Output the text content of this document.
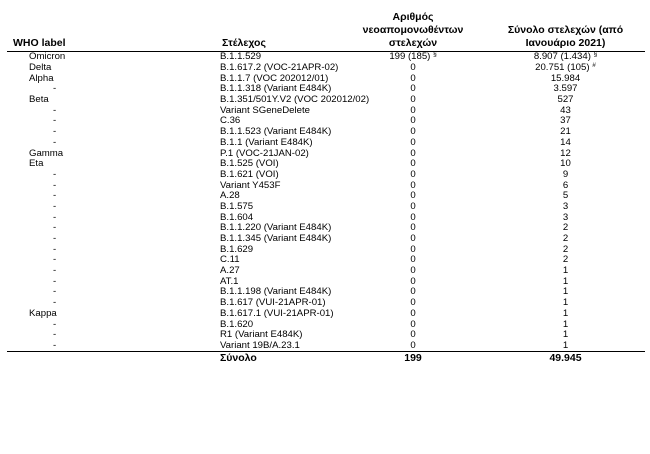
WHO label	Στέλεχος	Αριθμός νεοαπομονωθέντων στελεχών	Σύνολο στελεχών (από Ιανουάριο 2021)
Omicron	B.1.1.529	199 (185) §	8.907 (1.434) §
Delta	B.1.617.2 (VOC-21APR-02)	0	20.751 (105) #
Alpha	B.1.1.7 (VOC 202012/01)	0	15.984
-	B.1.1.318 (Variant E484K)	0	3.597
Beta	B.1.351/501Y.V2 (VOC 202012/02)	0	527
-	Variant SGeneDelete	0	43
-	C.36	0	37
-	B.1.1.523 (Variant E484K)	0	21
-	B.1.1 (Variant E484K)	0	14
Gamma	P.1 (VOC-21JAN-02)	0	12
Eta	B.1.525 (VOI)	0	10
-	B.1.621 (VOI)	0	9
-	Variant Y453F	0	6
-	A.28	0	5
-	B.1.575	0	3
-	B.1.604	0	3
-	B.1.1.220 (Variant E484K)	0	2
-	B.1.1.345 (Variant E484K)	0	2
-	B.1.629	0	2
-	C.11	0	2
-	A.27	0	1
-	AT.1	0	1
-	B.1.1.198 (Variant E484K)	0	1
-	B.1.617 (VUI-21APR-01)	0	1
Kappa	B.1.617.1 (VUI-21APR-01)	0	1
-	B.1.620	0	1
-	R1 (Variant E484K)	0	1
-	Variant 19B/A.23.1	0	1
	Σύνολο	199	49.945
